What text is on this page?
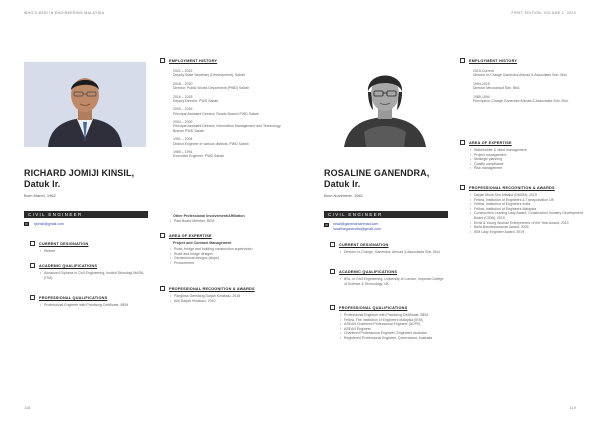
WHO'S WHO IN ENGINEERING MALAYSIA
RICHARD JOMIJI KINSIL,
Datuk Ir.
Born March, 1962
CIVIL ENGINEER
✉ rjkinsil@gmail.com
CURRENT DESIGNATION
• Retiree
ACADEMIC QUALIFICATIONS
• Advanced Diploma in Civil Engineering, Institut Teknologi MARA, (ITM)
PROFESSIONAL QUALIFICATIONS
• Professional Engineer with Practising Certificate, BEM
EMPLOYMENT HISTORY
2021 – 2022
Deputy State Secretary (Development), Sabah
2018 – 2020
Director, Public Works Department (PWD) Sabah
2016 – 2018
Deputy Director, PWD Sabah
2009 – 2016
Principal Assistant Director, Roads Branch PWD Sabah
2004 – 2009
Principal Assistant Director, Information Management and Technology Branch PWD Sabah
1991 – 2004
District Engineer in various districts, PWD Sabah
1985 – 1991
Executive Engineer, PWD Sabah
Other Professional Involvement/Affiliation
• Past Board Member, BEM
AREA OF EXPERTISE
Project and Contract Management
• Road, bridge and building construction supervision
• Road and bridge designs
• Geotechnical designs (slope)
• Procurement
PROFESSIONAL RECOGNITION & AWARDS
• Panglima Gemilang Darjah Kinabalu, 2018
• Ahli Darjah Kinabalu, 2010
118
FIRST EDITION, VOLUME 1, 2024
ROSALINE GANENDRA,
Datuk Ir.
Born November, 1961
CIVIL ENGINEER
✉	rosal@ganendraahmad.com
rosalineganendra@gmail.com
CURRENT DESIGNATION
• Director In-Charge, Ganendra, Ahmad & Associates Sdn. Bhd.
ACADEMIC QUALIFICATIONS
• BSc. in Civil Engineering, University of London, Imperial College of Science & Technology, UK
PROFESSIONAL QUALIFICATIONS
• Professional Engineer with Practising Certificate, BEM
• Fellow, The Institution of Engineers Malaysia (IEM)
• ASEAN Chartered Professional Engineer (ACPE)
• ASEAN Engineer
• Chartered Professional Engineer, Engineers Australia
• Registered Professional Engineer, Queensland, Australia
EMPLOYMENT HISTORY
2015-Current
Director In-Charge Ganendra Ahmad & Associates Sdn. Bhd.
1994-2015
Director Mecconsult Sdn. Bhd.
1985-1994
Principal In-Charge Ganendra Ahmad & Associates Sdn. Bhd.
AREA OF EXPERTISE
• Stakeholder & client management
• Project management
• Strategic planning
• Quality compliance
• Risk management
PROFESSIONAL RECOGNITION & AWARDS
• Darjah Mulia Seri Melaka (DMSM), 2019
• Fellow, Institution of Engineers & Transportation UK
• Fellow, Institution of Engineers India
• Fellow, Institution of Engineers Malaysia
• Construction Leading Lady Award, Construction Industry Development Board (CIDB), 2019
• Ernst & Young Woman Entrepreneur of the Year Award, 2013
• Bella Businesswoman Award, 2009
• IEM Lady Engineer Award, 2019
119
